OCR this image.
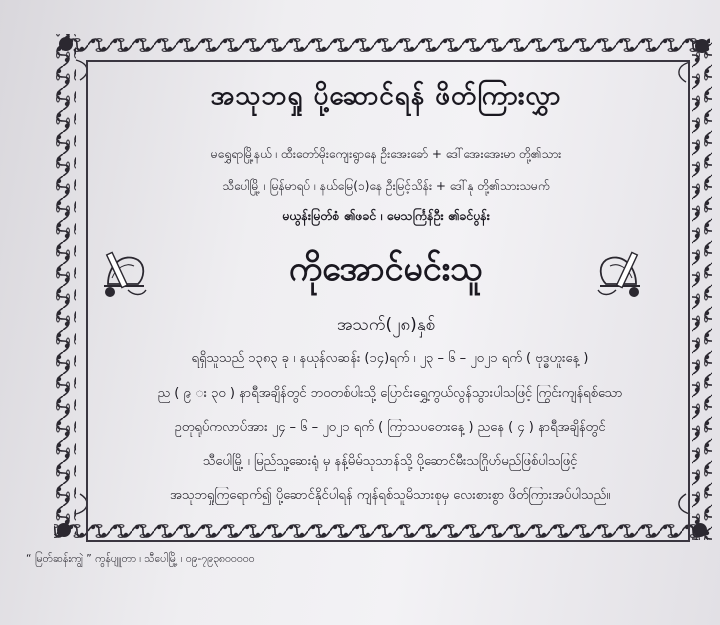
အသုဘရှု ပို့ဆောင်ရန် ဖိတ်ကြားလွှာ
မရွှေရာမြို့နယ် ၊ ထီးတော်မိုးကျေးရွာနေ ဦးအေးခော် + ဒေါ်အေးအေးမာ တို့၏သား
သီပေါမြို့ ၊ မြန်မာရပ် ၊ နယ်မြေ(၁)နေ ဦးမြင့်သိန်း + ဒေါ်နု တို့၏သားသမက်
မယွန်းမြတ်စံ ၏ဖခင် ၊ မေသင်္ကြန်ဦး ၏ခင်ပွန်း
ကိုအောင်မင်းသူ
အသက်(၂၈)နှစ်
ရရှိသူသည် ၁၃၈၃ ခု ၊ နယုန်လဆန်း (၁၄)ရက် ၊ ၂၃ – ၆ – ၂၀၂၁ ရက် ( ဗုဒ္ဓဟူးနေ့ )
ည ( ၉ း ၃၀ ) နာရီအချိန်တွင် ဘဝတစ်ပါးသို့ ပြောင်းရွှေ့ကွယ်လွန်သွားပါသဖြင့် ကြွင်းကျန်ရစ်သော
ဥတုရုပ်ကလာပ်အား ၂၄ – ၆ – ၂၀၂၁ ရက် ( ကြာသပတေးနေ့ ) ညနေ ( ၄ ) နာရီအချိန်တွင်
သီပေါမြို့ ၊ မြည်သူ့ဆေးရုံ မှ နန့်မိမ်သုသာန်သို့ ပို့ဆောင်မီးသဂြိုဟ်မည်ဖြစ်ပါသဖြင့်
အသုဘရှုကြရောက်၍ ပို့ဆောင်နိုင်ပါရန် ကျန်ရစ်သူမိသားစုမှ လေးစားစွာ ဖိတ်ကြားအပ်ပါသည်။
“ မြတ်ဆန်းကျွဲ ” ကွန်ပျူတာ ၊ သီပေါမြို့ ၊ ၀၉-၇၉၃၈၀၀၀၀၀
